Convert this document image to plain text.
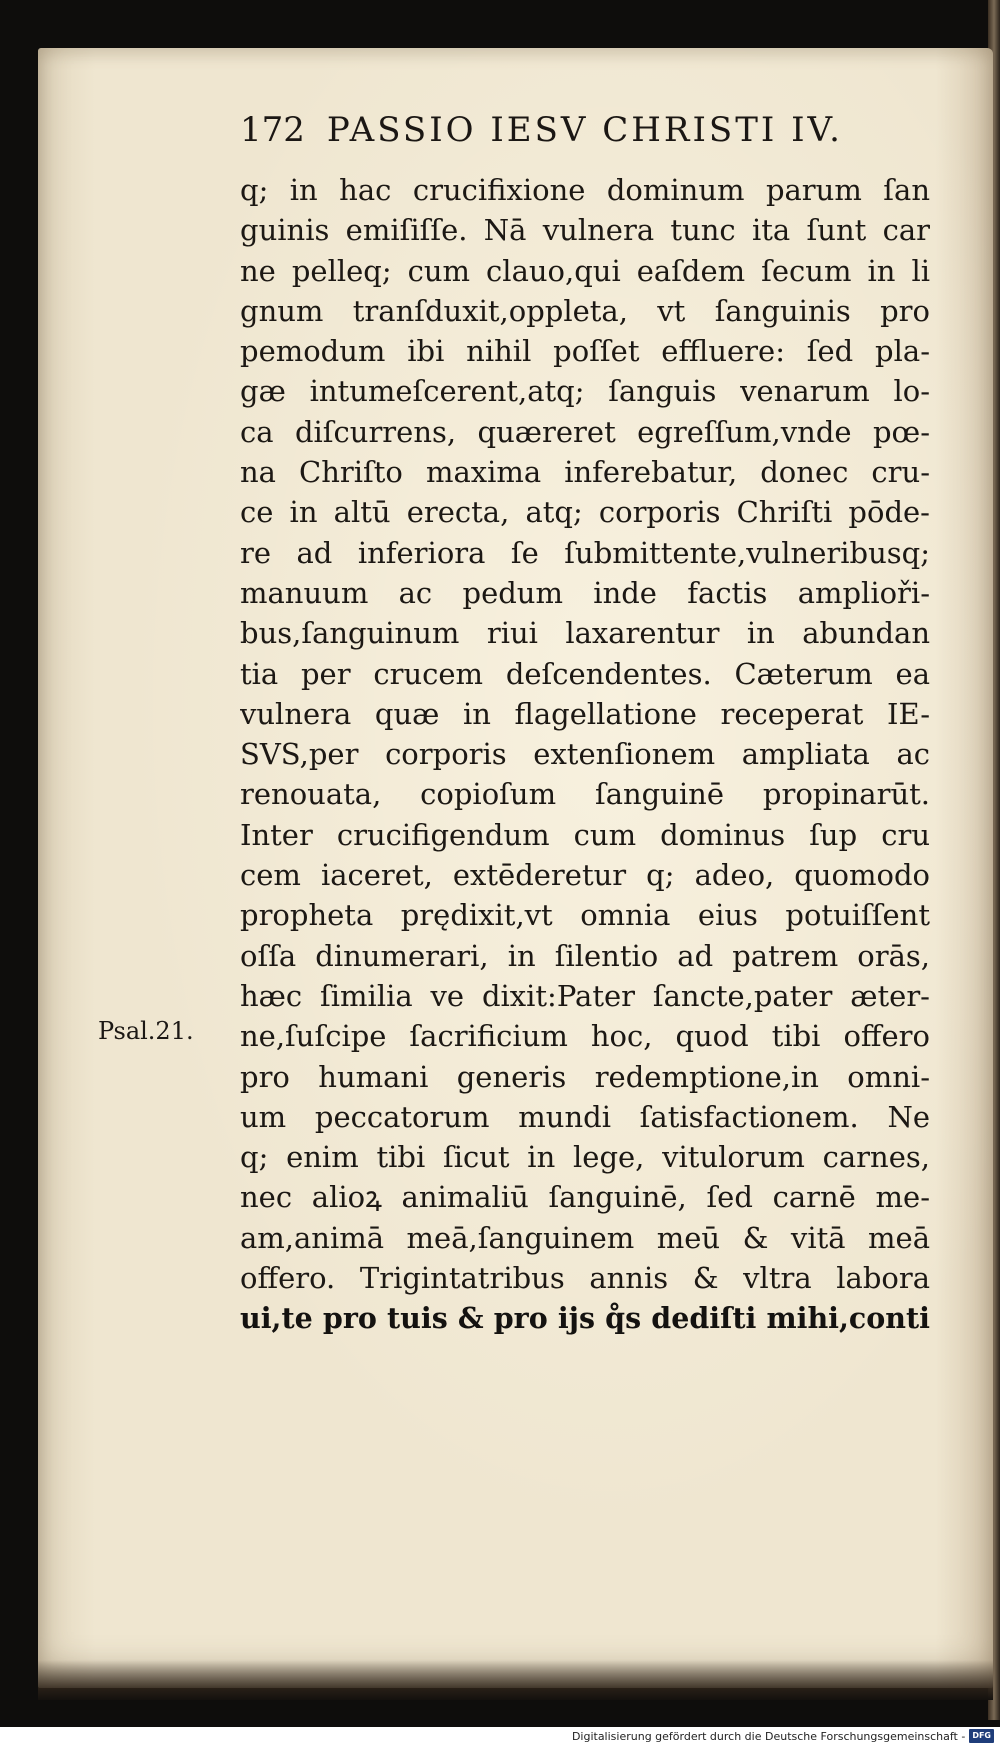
172 PASSIO IESV CHRISTI IV.
Psal.21.
q; in hac crucifixione dominum parum ſan
guinis emiſiſſe. Nā vulnera tunc ita ſunt car
ne pelleq; cum clauo,qui eaſdem ſecum in li
gnum tranſduxit,oppleta, vt ſanguinis pro
pemodum ibi nihil poſſet effluere: ſed pla-
gæ intumeſcerent,atq; ſanguis venarum lo-
ca diſcurrens, quæreret egreſſum,vnde pœ-
na Chriſto maxima inferebatur, donec cru-
ce in altū erecta, atq; corporis Chriſti pōde-
re ad inferiora ſe ſubmittente,vulneribusq;
manuum ac pedum inde factis amplioři-
bus,ſanguinum riui laxarentur in abundan
tia per crucem deſcendentes. Cæterum ea
vulnera quæ in flagellatione receperat IE-
SVS,per corporis extenſionem ampliata ac
renouata, copioſum ſanguinē propinarūt.
Inter crucifigendum cum dominus ſup cru
cem iaceret, extēderetur q; adeo, quomodo
propheta prędixit,vt omnia eius potuiſſent
oſſa dinumerari, in ſilentio ad patrem orās,
hæc ſimilia ve dixit:Pater ſancte,pater æter-
ne,ſuſcipe ſacrificium hoc, quod tibi offero
pro humani generis redemptione,in omni-
um peccatorum mundi ſatisfactionem. Ne
q; enim tibi ſicut in lege, vitulorum carnes,
nec alioꝝ animaliū ſanguinē, ſed carnē me-
am,animā meā,ſanguinem meū & vitā meā
offero. Trigintatribus annis & vltra labora
ui,te pro tuis & pro ijs q̊s dediſti mihi,conti
Digitalisierung gefördert durch die Deutsche Forschungsgemeinschaft - DFG
